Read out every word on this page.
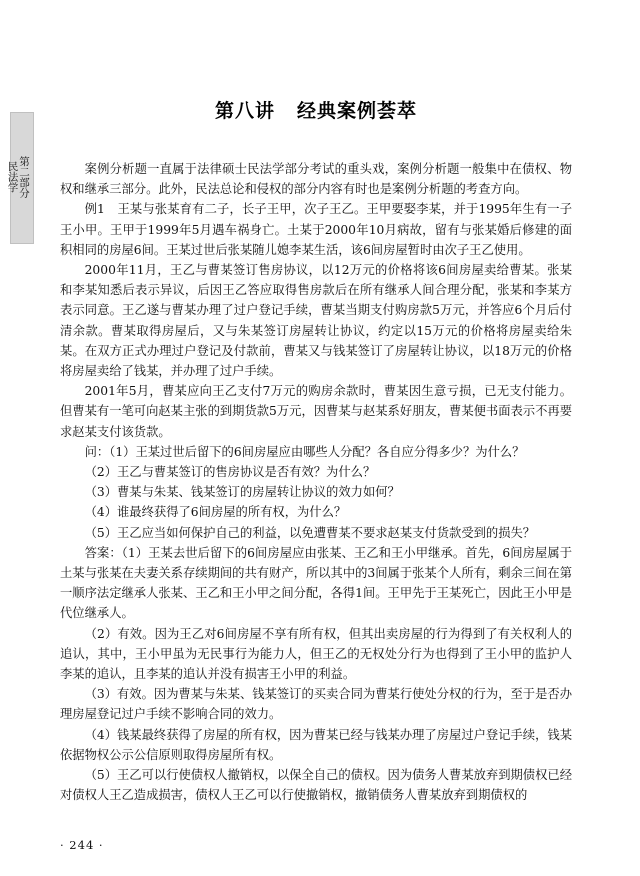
第二部分
民法学
第八讲 经典案例荟萃

案例分析题一直属于法律硕士民法学部分考试的重头戏，案例分析题一般集中在债权、物权和继承三部分。此外，民法总论和侵权的部分内容有时也是案例分析题的考查方向。

例1　王某与张某育有二子，长子王甲，次子王乙。王甲要娶李某，并于1995年生有一子王小甲。王甲于1999年5月遇车祸身亡。土某于2000年10月病故，留有与张某婚后修建的面积相同的房屋6间。王某过世后张某随儿媳李某生活，该6间房屋暂时由次子王乙使用。

2000年11月，王乙与曹某签订售房协议，以12万元的价格将该6间房屋卖给曹某。张某和李某知悉后表示异议，后因王乙答应取得售房款后在所有继承人间合理分配，张某和李某方表示同意。王乙遂与曹某办理了过户登记手续，曹某当期支付购房款5万元，并答应6个月后付清余款。曹某取得房屋后，又与朱某签订房屋转让协议，约定以15万元的价格将房屋卖给朱某。在双方正式办理过户登记及付款前，曹某又与钱某签订了房屋转让协议，以18万元的价格将房屋卖给了钱某，并办理了过户手续。

2001年5月，曹某应向王乙支付7万元的购房余款时，曹某因生意亏损，已无支付能力。但曹某有一笔可向赵某主张的到期货款5万元，因曹某与赵某系好朋友，曹某便书面表示不再要求赵某支付该货款。

问：（1）王某过世后留下的6间房屋应由哪些人分配？各自应分得多少？为什么？

（2）王乙与曹某签订的售房协议是否有效？为什么？

（3）曹某与朱某、钱某签订的房屋转让协议的效力如何？

（4）谁最终获得了6间房屋的所有权，为什么？

（5）王乙应当如何保护自己的利益，以免遭曹某不要求赵某支付货款受到的损失？

答案：（1）王某去世后留下的6间房屋应由张某、王乙和王小甲继承。首先，6间房屋属于土某与张某在夫妻关系存续期间的共有财产，所以其中的3间属于张某个人所有，剩余三间在第一顺序法定继承人张某、王乙和王小甲之间分配，各得1间。王甲先于王某死亡，因此王小甲是代位继承人。

（2）有效。因为王乙对6间房屋不享有所有权，但其出卖房屋的行为得到了有关权利人的追认，其中，王小甲虽为无民事行为能力人，但王乙的无权处分行为也得到了王小甲的监护人李某的追认，且李某的追认并没有损害王小甲的利益。

（3）有效。因为曹某与朱某、钱某签订的买卖合同为曹某行使处分权的行为，至于是否办理房屋登记过户手续不影响合同的效力。

（4）钱某最终获得了房屋的所有权，因为曹某已经与钱某办理了房屋过户登记手续，钱某依据物权公示公信原则取得房屋所有权。

（5）王乙可以行使债权人撤销权，以保全自己的债权。因为债务人曹某放弃到期债权已经对债权人王乙造成损害，债权人王乙可以行使撤销权，撤销债务人曹某放弃到期债权的

· 244 ·
